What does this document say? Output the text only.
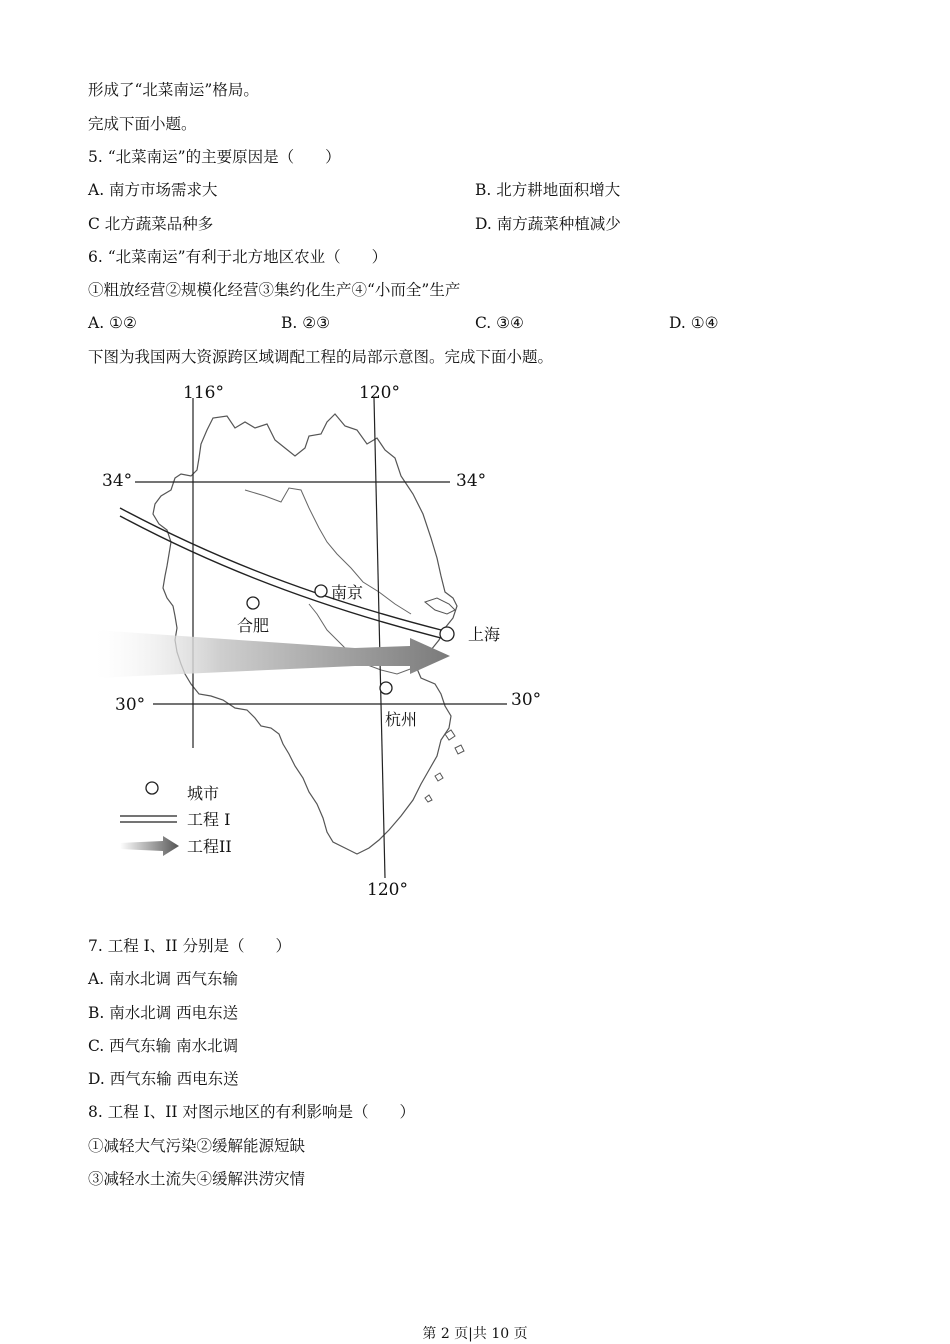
形成了“北菜南运”格局。
完成下面小题。
5. “北菜南运”的主要原因是（　　）
A. 南方市场需求大	B. 北方耕地面积增大
C 北方蔬菜品种多	D. 南方蔬菜种植减少
6. “北菜南运”有利于北方地区农业（　　）
①粗放经营②规模化经营③集约化生产④“小而全”生产
A. ①②	B. ②③	C. ③④	D. ①④
下图为我国两大资源跨区域调配工程的局部示意图。完成下面小题。
南京
合肥	上海
杭州
116°	120°
120°
34°	34°
30°	30°
城市
工程 I
工程II
7. 工程 I、II 分别是（　　）
A. 南水北调 西气东输
B. 南水北调 西电东送
C. 西气东输 南水北调
D. 西气东输 西电东送
8. 工程 I、II 对图示地区的有利影响是（　　）
①减轻大气污染②缓解能源短缺
③减轻水土流失④缓解洪涝灾情
第 2 页|共 10 页
